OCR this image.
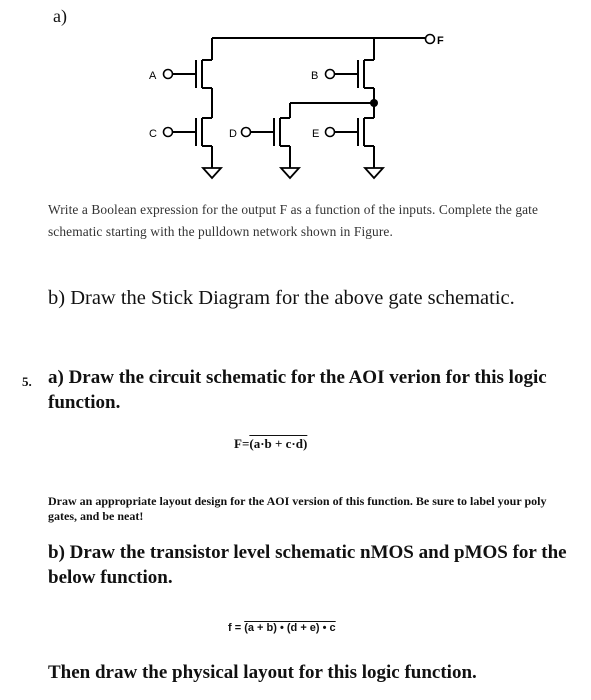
a)
F
A	B
C	D	E
Write a Boolean expression for the output F as a function of the inputs. Complete the gate schematic starting with the pulldown network shown in Figure.
b) Draw the Stick Diagram for the above gate schematic.
5. a) Draw the circuit schematic for the AOI verion for this logic function.
F=(a·b + c·d)
Draw an appropriate layout design for the AOI version of this function. Be sure to label your poly gates, and be neat!
b) Draw the transistor level schematic nMOS and pMOS for the below function.
f = (a + b) • (d + e) • c
Then draw the physical layout for this logic function.
